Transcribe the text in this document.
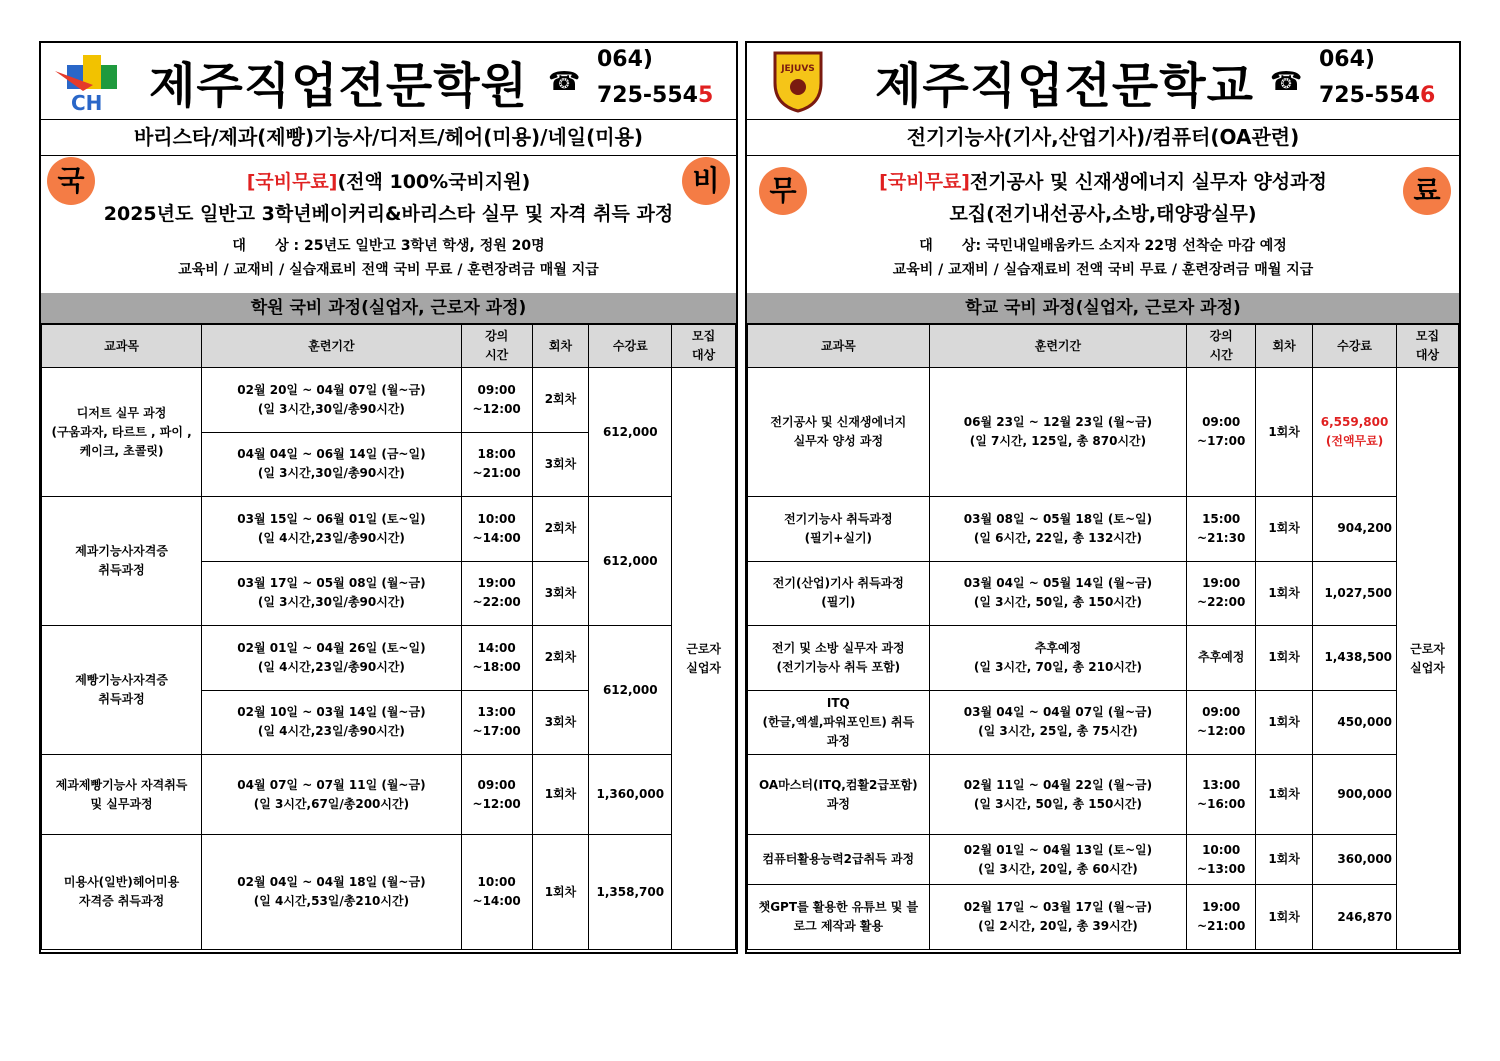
CH 제주직업전문학원 ☎
064)
725-5545
바리스타/제과(제빵)기능사/디저트/헤어(미용)/네일(미용)
국	비
[국비무료](전액 100%국비지원)
2025년도 일반고 3학년베이커리&바리스타 실무 및 자격 취득 과정
대      상 : 25년도 일반고 3학년 학생, 정원 20명
교육비 / 교재비 / 실습재료비 전액 국비 무료 / 훈련장려금 매월 지급
학원 국비 과정(실업자, 근로자 과정)
교과목	훈련기간	강의
시간	회차	수강료	모집
대상
디저트 실무 과정
(구움과자, 타르트 , 파이 ,
케이크, 초콜릿)	02월 20일 ~ 04월 07일 (월~금)
(일 3시간,30일/총90시간)	09:00
~12:00	2회차	612,000	근로자
실업자
	04월 04일 ~ 06월 14일 (금~일)
(일 3시간,30일/총90시간)	18:00
~21:00	3회차		
제과기능사자격증
취득과정	03월 15일 ~ 06월 01일 (토~일)
(일 4시간,23일/총90시간)	10:00
~14:00	2회차	612,000	
	03월 17일 ~ 05월 08일 (월~금)
(일 3시간,30일/총90시간)	19:00
~22:00	3회차		
제빵기능사자격증
취득과정	02월 01일 ~ 04월 26일 (토~일)
(일 4시간,23일/총90시간)	14:00
~18:00	2회차	612,000	
	02월 10일 ~ 03월 14일 (월~금)
(일 4시간,23일/총90시간)	13:00
~17:00	3회차		
제과제빵기능사 자격취득
및 실무과정	04월 07일 ~ 07월 11일 (월~금)
(일 3시간,67일/총200시간)	09:00
~12:00	1회차	1,360,000	
미용사(일반)헤어미용
자격증 취득과정	02월 04일 ~ 04월 18일 (월~금)
(일 4시간,53일/총210시간)	10:00
~14:00	1회차	1,358,700	
JEJUVS 제주직업전문학교 ☎
064)
725-5546
전기기능사(기사,산업기사)/컴퓨터(OA관련)
무	료
[국비무료]전기공사 및 신재생에너지 실무자 양성과정
모집(전기내선공사,소방,태양광실무)
대      상: 국민내일배움카드 소지자 22명 선착순 마감 예정
교육비 / 교재비 / 실습재료비 전액 국비 무료 / 훈련장려금 매월 지급
학교 국비 과정(실업자, 근로자 과정)
교과목	훈련기간	강의
시간	회차	수강료	모집
대상
전기공사 및 신재생에너지
실무자 양성 과정	06월 23일 ~ 12월 23일 (월~금)
(일 7시간, 125일, 총 870시간)	09:00
~17:00	1회차	6,559,800
(전액무료)	근로자
실업자
전기기능사 취득과정
(필기+실기)	03월 08일 ~ 05월 18일 (토~일)
(일 6시간, 22일, 총 132시간)	15:00
~21:30	1회차	904,200	
전기(산업)기사 취득과정
(필기)	03월 04일 ~ 05월 14일 (월~금)
(일 3시간, 50일, 총 150시간)	19:00
~22:00	1회차	1,027,500	
전기 및 소방 실무자 과정
(전기기능사 취득 포함)	추후예정
(일 3시간, 70일, 총 210시간)	추후예정	1회차	1,438,500	
ITQ
(한글,엑셀,파워포인트) 취득
과정	03월 04일 ~ 04월 07일 (월~금)
(일 3시간, 25일, 총 75시간)	09:00
~12:00	1회차	450,000	
OA마스터(ITQ,컴활2급포함)
과정	02월 11일 ~ 04월 22일 (월~금)
(일 3시간, 50일, 총 150시간)	13:00
~16:00	1회차	900,000	
컴퓨터활용능력2급취득 과정	02월 01일 ~ 04월 13일 (토~일)
(일 3시간, 20일, 총 60시간)	10:00
~13:00	1회차	360,000	
챗GPT를 활용한 유튜브 및 블
로그 제작과 활용	02월 17일 ~ 03월 17일 (월~금)
(일 2시간, 20일, 총 39시간)	19:00
~21:00	1회차	246,870	
